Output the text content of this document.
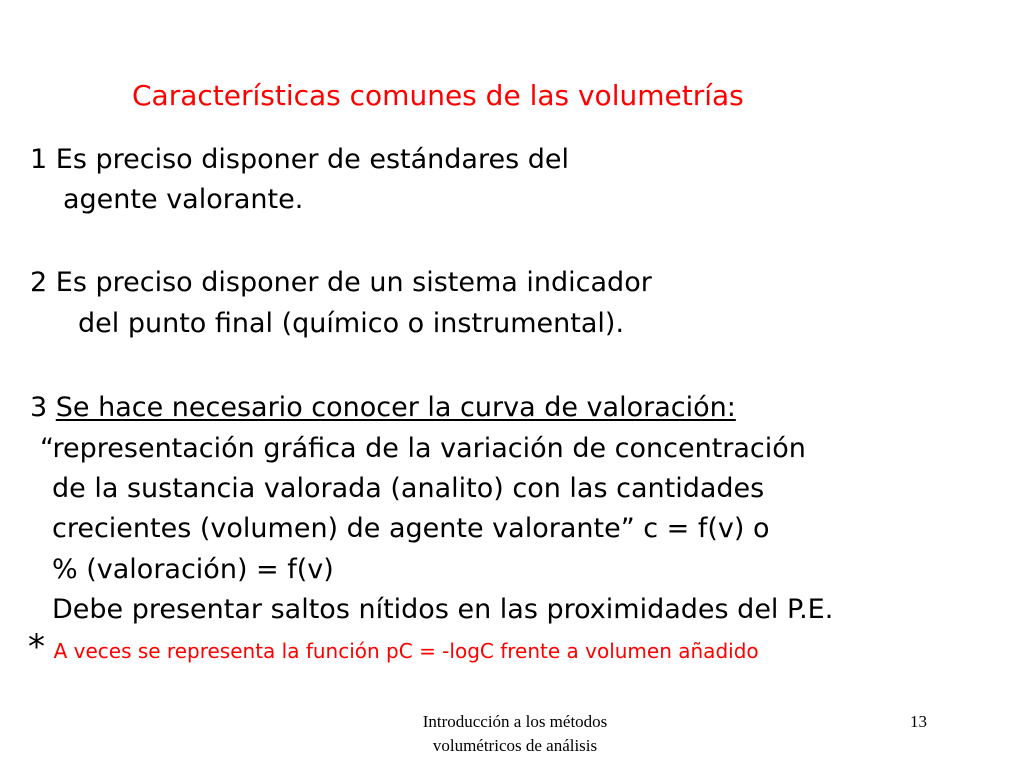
Características comunes de las volumetrías
1 Es preciso disponer de estándares del
agente valorante.
2 Es preciso disponer de un sistema indicador
del punto final (químico o instrumental).
3 Se hace necesario conocer la curva de valoración:
“representación gráfica de la variación de concentración
de la sustancia valorada (analito) con las cantidades
crecientes (volumen) de agente valorante” c = f(v) o
% (valoración) = f(v)
Debe presentar saltos nítidos en las proximidades del P.E.
* A veces se representa la función pC = -logC frente a volumen añadido
Introducción a los métodos
volumétricos de análisis
13
